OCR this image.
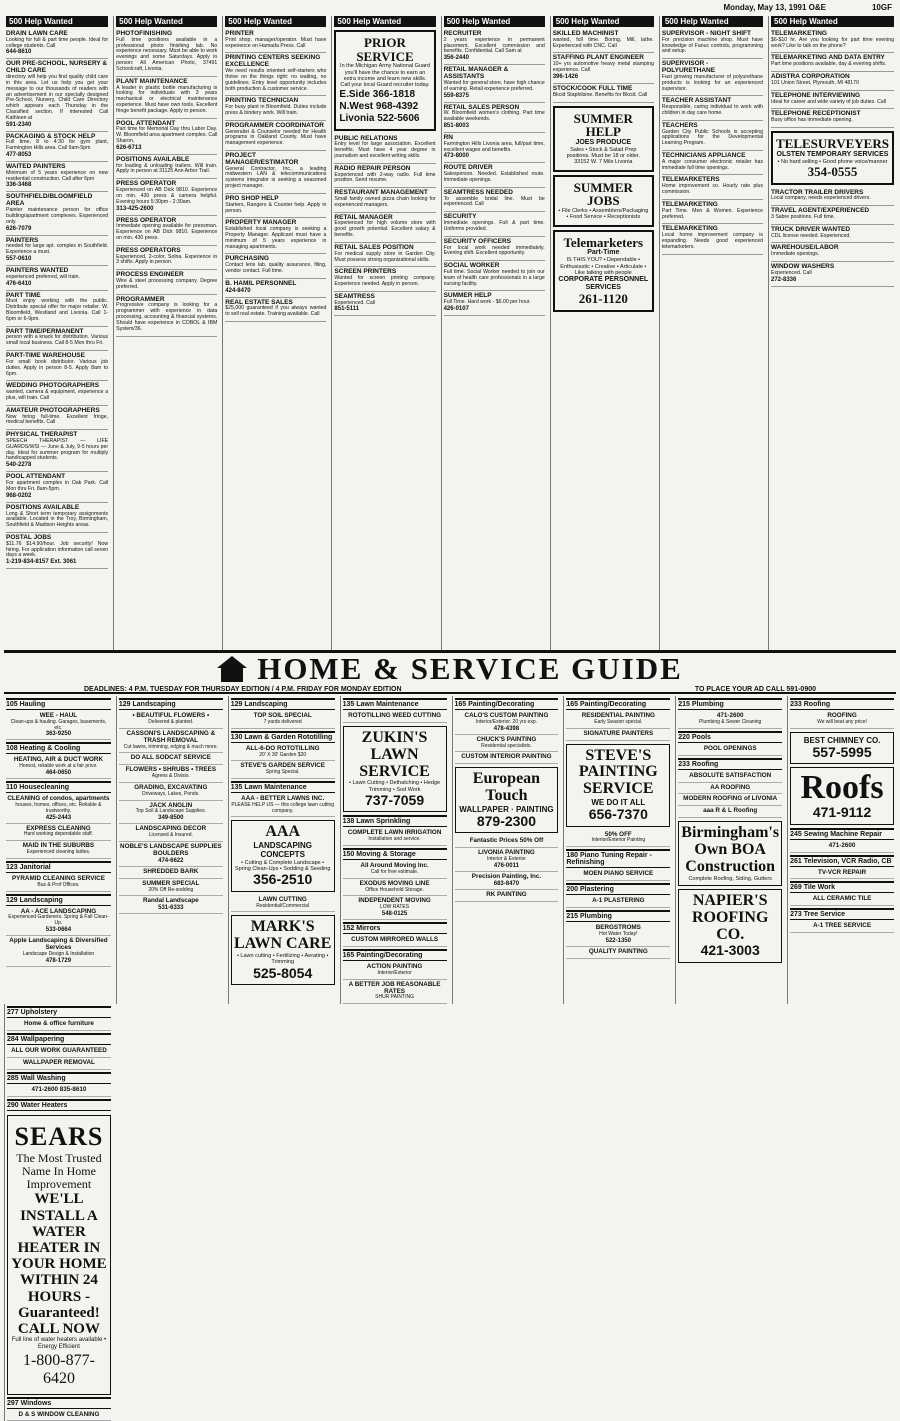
Monday, May 13, 1991 O&E	10GF
500 Help Wanted
DRAIN LAWN CARE
Looking for full & part time people. Ideal for college students. Call
644-8610
OUR PRE-SCHOOL, NURSERY & CHILD CARE
directory will help you find quality child care in this area. Let us help you get your message to our thousands of readers with an advertisement in our specially designed Pre-School, Nursery, Child Care Directory which appears each Thursday in the Classified section. If interested Call Kathleen at
591-2340
PACKAGING & STOCK HELP
Full time, 8 to 4:30 for gym plant, Farmington Hills area. Call 9am-5pm
477-8053
WAITED PAINTERS
Minimum of 5 years experience on new residential construction. Call after 6pm
336-3468
SOUTHFIELD/BLOOMFIELD AREA
Painter maintenance person for office building/apartment complexes. Experienced only.
626-7079
PAINTERS
needed for large apt. complex in Southfield. Experience a must.
557-0610
PAINTERS WANTED
experienced preferred, will train.
476-6410
PART TIME
Must enjoy working with the public. Distribute special offer for major retailer. W. Bloomfield, Westland and Livonia. Call 1-6pm or 6-9pm.
PART TIME/PERMANENT
person with a knack for distribution. Various small local business. Call 8-5 Mon thru Fri.
PART-TIME WAREHOUSE
For small book distributor. Various job duties. Apply in person 8-5. Apply 8am to 6pm.
WEDDING PHOTOGRAPHERS
wanted, camera & equipment, experience a plus, will train. Call
AMATEUR PHOTOGRAPHERS
Now hiring full-time. Excellent fringe, medical benefits. Call
PHYSICAL THERAPIST
SPEECH THERAPIST — LIFE GUARDS/WSI — June & July, 9-5 hours per day. Ideal for summer program for multiply handicapped students.
540-2278
POOL ATTENDANT
For apartment complex in Oak Park. Call Mon thru Fri, 8am-5pm.
968-0202
POSITIONS AVAILABLE
Long & Short term temporary assignments available. Located in the Troy, Birmingham, Southfield & Madison Heights areas.
POSTAL JOBS
$11.76 $14.90/hour. Job security! Now hiring. For application information call seven days a week.
1-219-834-8157 Ext. 3061
500 Help Wanted
PHOTOFINISHING
Full time positions available in a professional photo finishing lab. No experience necessary. Must be able to work evenings and some Saturdays. Apply in person: All American Photo, 37491 Schoolcraft, Livonia.
PLANT MAINTENANCE
A leader in plastic bottle manufacturing is looking for individuals with 3 years mechanical or electrical maintenance experience. Must have own tools. Excellent fringe benefit package. Apply in person.
POOL ATTENDANT
Part time for Memorial Day thru Labor Day. W. Bloomfield area apartment complex. Call Sharon.
626-6713
POSITIONS AVAILABLE
for loading & unloading trailers. Will train. Apply in person at 31125 Ann Arbor Trail.
PRESS OPERATOR
Experienced on AB Dick 9810. Experience on min. 430 press & camera helpful. Evening hours 5:30pm - 2:30am.
313-425-2600
PRESS OPERATOR
Immediate opening available for pressman. Experience on AB Dick 9810. Experience on min. 430 press.
PRESS OPERATORS
Experienced, 2-color, Solna. Experience in 3 shifts. Apply in person.
PROCESS ENGINEER
Wire & steel processing company. Degree preferred.
PROGRAMMER
Progressive company is looking for a programmer with experience in data processing, accounting & financial systems. Should have experience in COBOL & IBM System/36.
500 Help Wanted
PRINTER
Print shop, manager/operator. Must have experience on Hamada Press. Call
PRINTING CENTERS SEEKING EXCELLENCE
We need results oriented self-starters who thrive on the things right: no waiting, no guidelines. Entry level opportunity includes both production & customer service.
PRINTING TECHNICIAN
For busy plant in Bloomfield. Duties include press & bindery work. Will train.
PROGRAMMER COORDINATOR
Generalist & Counselor needed for Health programs in Oakland County. Must have management experience.
PROJECT MANAGER/ESTIMATOR
General Contractor, Inc., a leading midwestern LAN & telecommunications systems integrator is seeking a seasoned project manager.
PRO SHOP HELP
Starters, Rangers & Counter help. Apply in person.
PROPERTY MANAGER
Established local company is seeking a Property Manager. Applicant must have a minimum of 5 years experience in managing apartments.
PURCHASING
Contact lens lab, quality assurance, filing, vendor contact. Full time.
B. HAMIL PERSONNEL
424-8470
REAL ESTATE SALES
$25,000 guaranteed if you always wanted to sell real estate. Training available. Call
500 Help Wanted
PRIOR SERVICE
In the Michigan Army National Guard you'll have the chance to earn an extra income and learn new skills. Call your local Guard recruiter today.
E.Side 366-1818
N.West 968-4392
Livonia 522-5606
PUBLIC RELATIONS
Entry level for large association. Excellent benefits. Must have 4 year degree in journalism and excellent writing skills.
RADIO REPAIR PERSON
Experienced with 2-way radio. Full time position. Send resume.
RESTAURANT MANAGEMENT
Small family owned pizza chain looking for experienced managers.
RETAIL MANAGER
Experienced for high volume store with good growth potential. Excellent salary & benefits.
RETAIL SALES POSITION
For medical supply store in Garden City. Must possess strong organizational skills.
SCREEN PRINTERS
Wanted for screen printing company. Experience needed. Apply in person.
SEAMTRESS
Experienced. Call
851-5111
500 Help Wanted
RECRUITER
2 years experience in permanent placement. Excellent commission and benefits. Confidential. Call Sam at
356-2440
RETAIL MANAGER & ASSISTANTS
Wanted for general store, have high chance of earning. Retail experience preferred.
559-8375
RETAIL SALES PERSON
W. Bloomfield women's clothing. Part time available weekends.
851-8003
RN
Farmington Hills Livonia area, full/part time, excellent wages and benefits.
473-8000
ROUTE DRIVER
Salesperson. Needed. Established route. Immediate openings.
SEAMTRESS NEEDED
To assemble bridal line. Must be experienced. Call
SECURITY
Immediate openings. Full & part time. Uniforms provided.
SECURITY OFFICERS
For local work needed immediately. Evening shift. Excellent opportunity.
SOCIAL WORKER
Full time. Social Worker needed to join our team of health care professionals in a large nursing facility.
SUMMER HELP
Full Time. Hard work - $6.00 per hour.
426-0107
500 Help Wanted
SKILLED MACHINIST
wanted, full time. Boring, Mill, lathe. Experienced with CNC. Call
STAFFING PLANT ENGINEER
10+ yrs automotive heavy metal stamping experience. Call
396-1426
STOCK/COOK FULL TIME
Bkcid Staphilsine. Benefits for Bkcid. Call
SUMMER HELP
JOES PRODUCE
Sales • Stock & Salad Prep positions. Must be 18 or older.
33152 W. 7 Mile Livonia
SUMMER JOBS
• File Clerks • Assemblers/Packaging • Food Service • Receptionists
Telemarketers
Part-Time
IS THIS YOU? • Dependable • Enthusiastic • Creative • Articulate • Like talking with people
CORPORATE PERSONNEL SERVICES
261-1120
500 Help Wanted
SUPERVISOR - NIGHT SHIFT
For precision machine shop. Must have knowledge of Fanuc controls, programming and setup.
SUPERVISOR - POLYURETHANE
Fast growing manufacturer of polyurethane products is looking for an experienced supervisor.
TEACHER ASSISTANT
Responsible, caring individual to work with children in day care home.
TEACHERS
Garden City Public Schools is accepting applications for the Developmental Learning Program.
TECHNICIANS APPLIANCE
A major consumer electronic retailer has immediate full time openings.
TELEMARKETERS
Home improvement co. Hourly rate plus commission.
TELEMARKETING
Part Time. Men & Women. Experience preferred.
TELEMARKETING
Local home improvement company is expanding. Needs good experienced telemarketers.
500 Help Wanted
TELEMARKETING
$6-$10 hr. Are you looking for part time evening work? Like to talk on the phone?
TELEMARKETING AND DATA ENTRY
Part time positions available, day & evening shifts.
ADISTRA CORPORATION
101 Union Street, Plymouth, MI 48170
TELEPHONE INTERVIEWING
Ideal for career and wide variety of job duties. Call
TELEPHONE RECEPTIONIST
Busy office has immediate opening.
TELESURVEYERS
OLSTEN TEMPORARY SERVICES
• No hard selling • Good phone voice/manner
354-0555
TRACTOR TRAILER DRIVERS
Local company, needs experienced drivers.
TRAVEL AGENT/EXPERIENCED
3 Sabre positions. Full time.
TRUCK DRIVER WANTED
CDL license needed. Experienced.
WAREHOUSE/LABOR
Immediate openings.
WINDOW WASHERS
Experienced. Call
272-8336
HOME & SERVICE GUIDE
DEADLINES: 4 P.M. TUESDAY FOR THURSDAY EDITION / 4 P.M. FRIDAY FOR MONDAY EDITION	TO PLACE YOUR AD CALL 591-0900
105 Hauling
WEE - HAUL
Clean-ups & hauling. Garages, basements, etc.
363-9250
108 Heating & Cooling
HEATING, AIR & DUCT WORK
Honest, reliable work at a fair price.
464-0650
110 Housecleaning
CLEANING of condos, apartments
houses, homes, offices, etc. Reliable & trustworthy.
425-2443
EXPRESS CLEANING
Hard working dependable staff.
MAID IN THE SUBURBS
Experienced cleaning ladies.
123 Janitorial
PYRAMID CLEANING SERVICE
Bus & Prof Offices.
129 Landscaping
AA - ACE LANDSCAPING
Experienced Gardeners. Spring & Fall Clean-Up.
533-0664
Apple Landscaping & Diversified Services
Landscape Design & Installation
478-1729
129 Landscaping
• BEAUTIFUL FLOWERS •
Delivered & planted.
CASSONI'S LANDSCAPING & TRASH REMOVAL
Cut lawns, trimming, edging & much more.
DO ALL SODCAT SERVICE
FLOWERS • SHRUBS • TREES
Agrees & Divisio.
GRADING, EXCAVATING
Driveways, Lakes, Ponds.
JACK ANGLIN
Top Soil & Landscape Supplies.
349-8500
LANDSCAPING DECOR
Licensed & Insured.
NOBLE'S LANDSCAPE SUPPLIES BOULDERS
474-6622
SHREDDED BARK
SUMMER SPECIAL
20% Off Re-sodding
Randal Landscape
531-6333
129 Landscaping
TOP SOIL SPECIAL
7 yards delivered
130 Lawn & Garden Rototilling
ALL-6-DO ROTOTILLING
20' X 30' Garden $20
STEVE'S GARDEN SERVICE
Spring Special.
135 Lawn Maintenance
AAA - BETTER LAWNS INC.
PLEASE HELP US — this college lawn cutting company.
AAA
LANDSCAPING CONCEPTS
• Cutting & Complete Landscape • Spring Clean-Ups • Sodding & Seeding
356-2510
LAWN CUTTING
Residential/Commercial
MARK'S LAWN CARE
• Lawn cutting • Fertilizing • Aerating • Trimming
525-8054
135 Lawn Maintenance
ROTOTILLING WEED CUTTING
ZUKIN'S LAWN SERVICE
• Lawn Cutting • Dethatching • Hedge Trimming • Sod Work
737-7059
138 Lawn Sprinkling
COMPLETE LAWN IRRIGATION
Installation and service.
150 Moving & Storage
All Around Moving Inc.
Call for free estimate.
EXODUS MOVING LINE
Office Household Storage.
INDEPENDENT MOVING
LOW RATES
548-0125
152 Mirrors
CUSTOM MIRRORED WALLS
165 Painting/Decorating
ACTION PAINTING
Interior/Exterior
A BETTER JOB REASONABLE RATES
SHUR PAINTING
165 Painting/Decorating
CALO'S CUSTOM PAINTING
Interior/Exterior. 20 yrs exp.
478-4398
CHUCK'S PAINTING
Residential specialists.
CUSTOM INTERIOR PAINTING
European Touch
WALLPAPER · PAINTING
879-2300
Fantastic Prices 50% Off
LIVONIA PAINTING
Interior & Exterior
476-0011
Precision Painting, Inc.
683-8470
RK PAINTING
165 Painting/Decorating
RESIDENTIAL PAINTING
Early Season special.
SIGNATURE PAINTERS
STEVE'S PAINTING SERVICE
WE DO IT ALL
656-7370
50% OFF
Interior/Exterior Painting
180 Piano Tuning Repair - Refinishing
MOEN PIANO SERVICE
200 Plastering
A-1 PLASTERING
215 Plumbing
BERGSTROMS
Hot Water Today!
522-1350
QUALITY PAINTING
215 Plumbing
471-2600
Plumbing & Sewer Cleaning
220 Pools
POOL OPENINGS
233 Roofing
ABSOLUTE SATISFACTION
AA ROOFING
MODERN ROOFING of LIVONIA
aaa R & L Roofing
Birmingham's Own BOA Construction
Complete Roofing, Siding, Gutters
NAPIER'S ROOFING CO.
421-3003
233 Roofing
ROOFING
We will beat any price!
BEST CHIMNEY CO.
557-5995
Roofs
471-9112
245 Sewing Machine Repair
471-2600
261 Television, VCR Radio, CB
TV-VCR REPAIR
269 Tile Work
ALL CERAMIC TILE
273 Tree Service
A-1 TREE SERVICE
277 Upholstery
Home & office furniture
284 Wallpapering
ALL OUR WORK GUARANTEED
WALLPAPER REMOVAL
285 Wall Washing
471-2600 835-8610
290 Water Heaters
SEARS
The Most Trusted Name In Home Improvement
WE'LL INSTALL A WATER HEATER IN YOUR HOME WITHIN 24 HOURS - Guaranteed!
CALL NOW
Full line of water heaters available • Energy Efficient
1-800-877-6420
297 Windows
D & S WINDOW CLEANING
